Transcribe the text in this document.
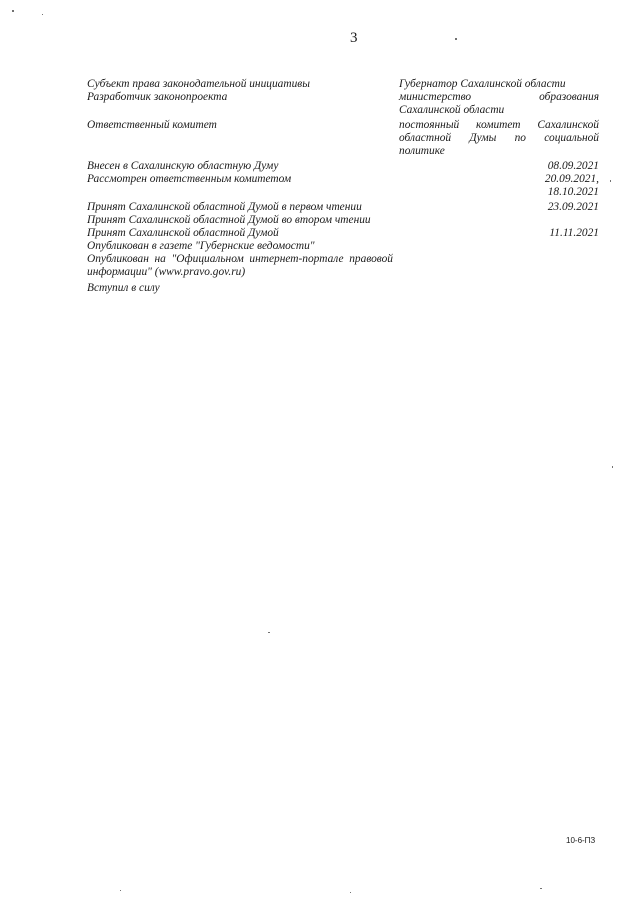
3
Субъект права законодательной инициативы	Губернатор Сахалинской области
Разработчик законопроекта	министерство образования
Сахалинской области
Ответственный комитет	постоянный комитет Сахалинской
областной Думы по социальной
политике
Внесен в Сахалинскую областную Думу	08.09.2021
Рассмотрен ответственным комитетом	20.09.2021,
18.10.2021
Принят Сахалинской областной Думой в первом чтении	23.09.2021
Принят Сахалинской областной Думой во втором чтении
Принят Сахалинской областной Думой	11.11.2021
Опубликован в газете "Губернские ведомости"
Опубликован на "Официальном интернет-портале правовой информации" (www.pravo.gov.ru)
Вступил в силу
10-6-ПЗ
